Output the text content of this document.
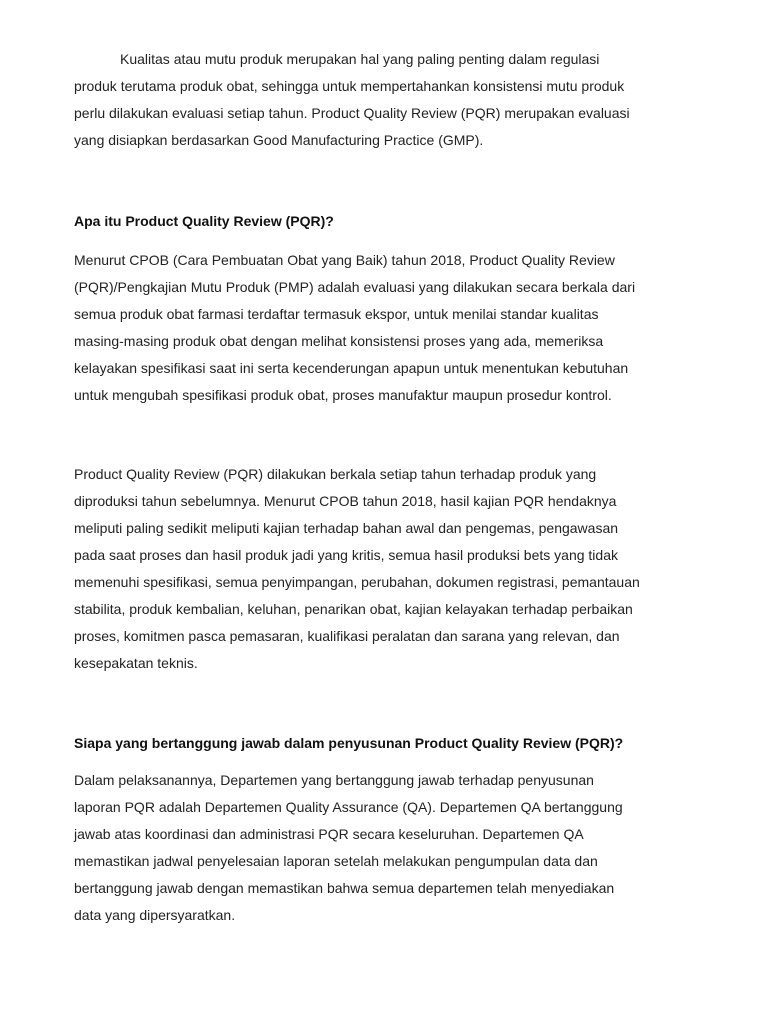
Kualitas atau mutu produk merupakan hal yang paling penting dalam regulasi
produk terutama produk obat, sehingga untuk mempertahankan konsistensi mutu produk
perlu dilakukan evaluasi setiap tahun. Product Quality Review (PQR) merupakan evaluasi
yang disiapkan berdasarkan Good Manufacturing Practice (GMP).

Apa itu Product Quality Review (PQR)?

Menurut CPOB (Cara Pembuatan Obat yang Baik) tahun 2018, Product Quality Review
(PQR)/Pengkajian Mutu Produk (PMP) adalah evaluasi yang dilakukan secara berkala dari
semua produk obat farmasi terdaftar termasuk ekspor, untuk menilai standar kualitas
masing-masing produk obat dengan melihat konsistensi proses yang ada, memeriksa
kelayakan spesifikasi saat ini serta kecenderungan apapun untuk menentukan kebutuhan
untuk mengubah spesifikasi produk obat, proses manufaktur maupun prosedur kontrol.

Product Quality Review (PQR) dilakukan berkala setiap tahun terhadap produk yang
diproduksi tahun sebelumnya. Menurut CPOB tahun 2018, hasil kajian PQR hendaknya
meliputi paling sedikit meliputi kajian terhadap bahan awal dan pengemas, pengawasan
pada saat proses dan hasil produk jadi yang kritis, semua hasil produksi bets yang tidak
memenuhi spesifikasi, semua penyimpangan, perubahan, dokumen registrasi, pemantauan
stabilita, produk kembalian, keluhan, penarikan obat, kajian kelayakan terhadap perbaikan
proses, komitmen pasca pemasaran, kualifikasi peralatan dan sarana yang relevan, dan
kesepakatan teknis.

Siapa yang bertanggung jawab dalam penyusunan Product Quality Review (PQR)?

Dalam pelaksanannya, Departemen yang bertanggung jawab terhadap penyusunan
laporan PQR adalah Departemen Quality Assurance (QA). Departemen QA bertanggung
jawab atas koordinasi dan administrasi PQR secara keseluruhan. Departemen QA
memastikan jadwal penyelesaian laporan setelah melakukan pengumpulan data dan
bertanggung jawab dengan memastikan bahwa semua departemen telah menyediakan
data yang dipersyaratkan.
